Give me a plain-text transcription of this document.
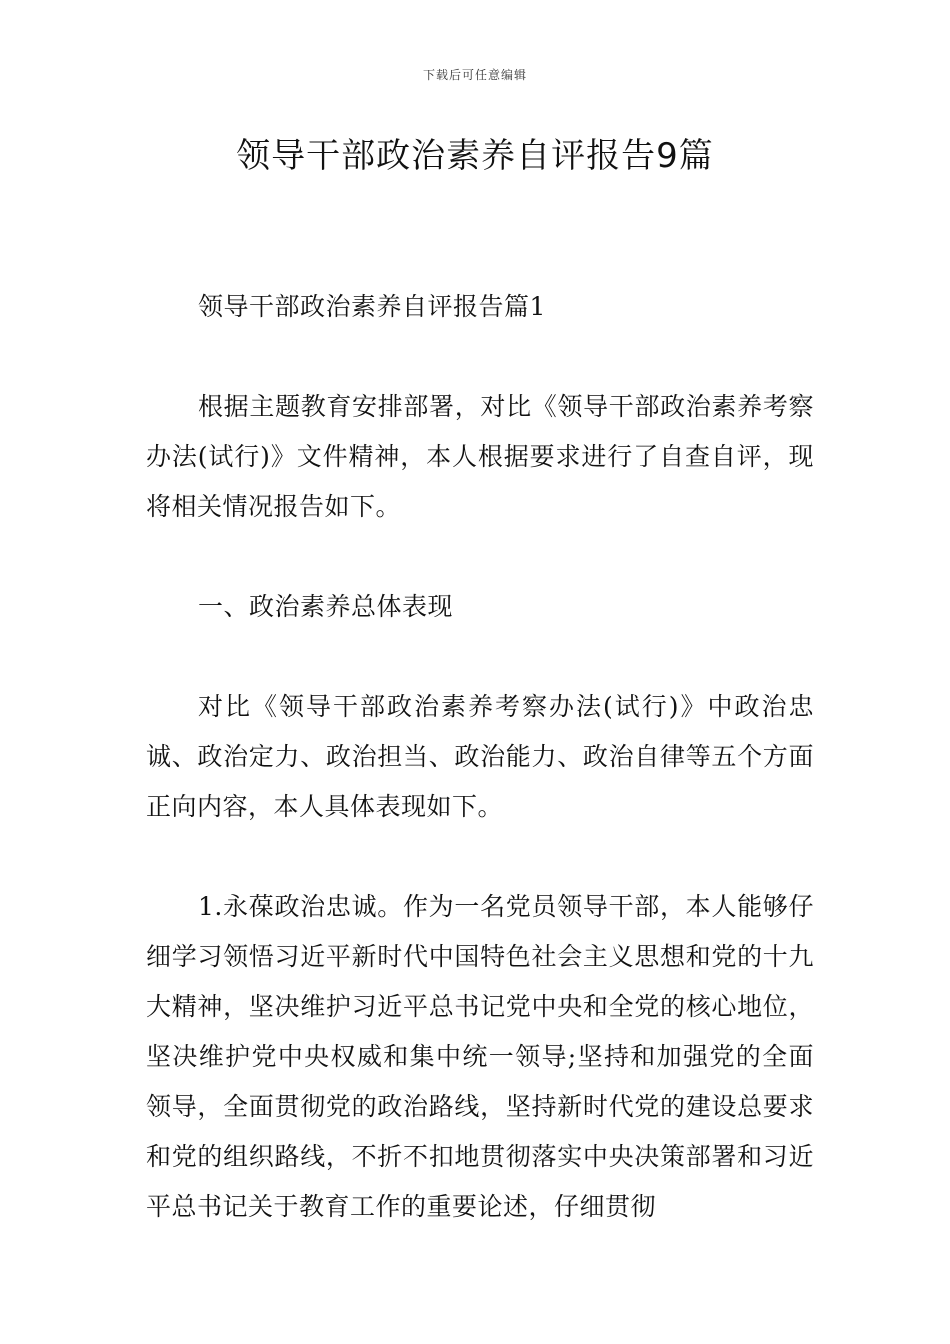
下载后可任意编辑
领导干部政治素养自评报告9篇

领导干部政治素养自评报告篇1

根据主题教育安排部署，对比《领导干部政治素养考察办法(试行)》文件精神，本人根据要求进行了自查自评，现将相关情况报告如下。

一、政治素养总体表现

对比《领导干部政治素养考察办法(试行)》中政治忠诚、政治定力、政治担当、政治能力、政治自律等五个方面正向内容，本人具体表现如下。

1.永葆政治忠诚。作为一名党员领导干部，本人能够仔细学习领悟习近平新时代中国特色社会主义思想和党的十九大精神，坚决维护习近平总书记党中央和全党的核心地位，坚决维护党中央权威和集中统一领导;坚持和加强党的全面领导，全面贯彻党的政治路线，坚持新时代党的建设总要求和党的组织路线，不折不扣地贯彻落实中央决策部署和习近平总书记关于教育工作的重要论述，仔细贯彻
